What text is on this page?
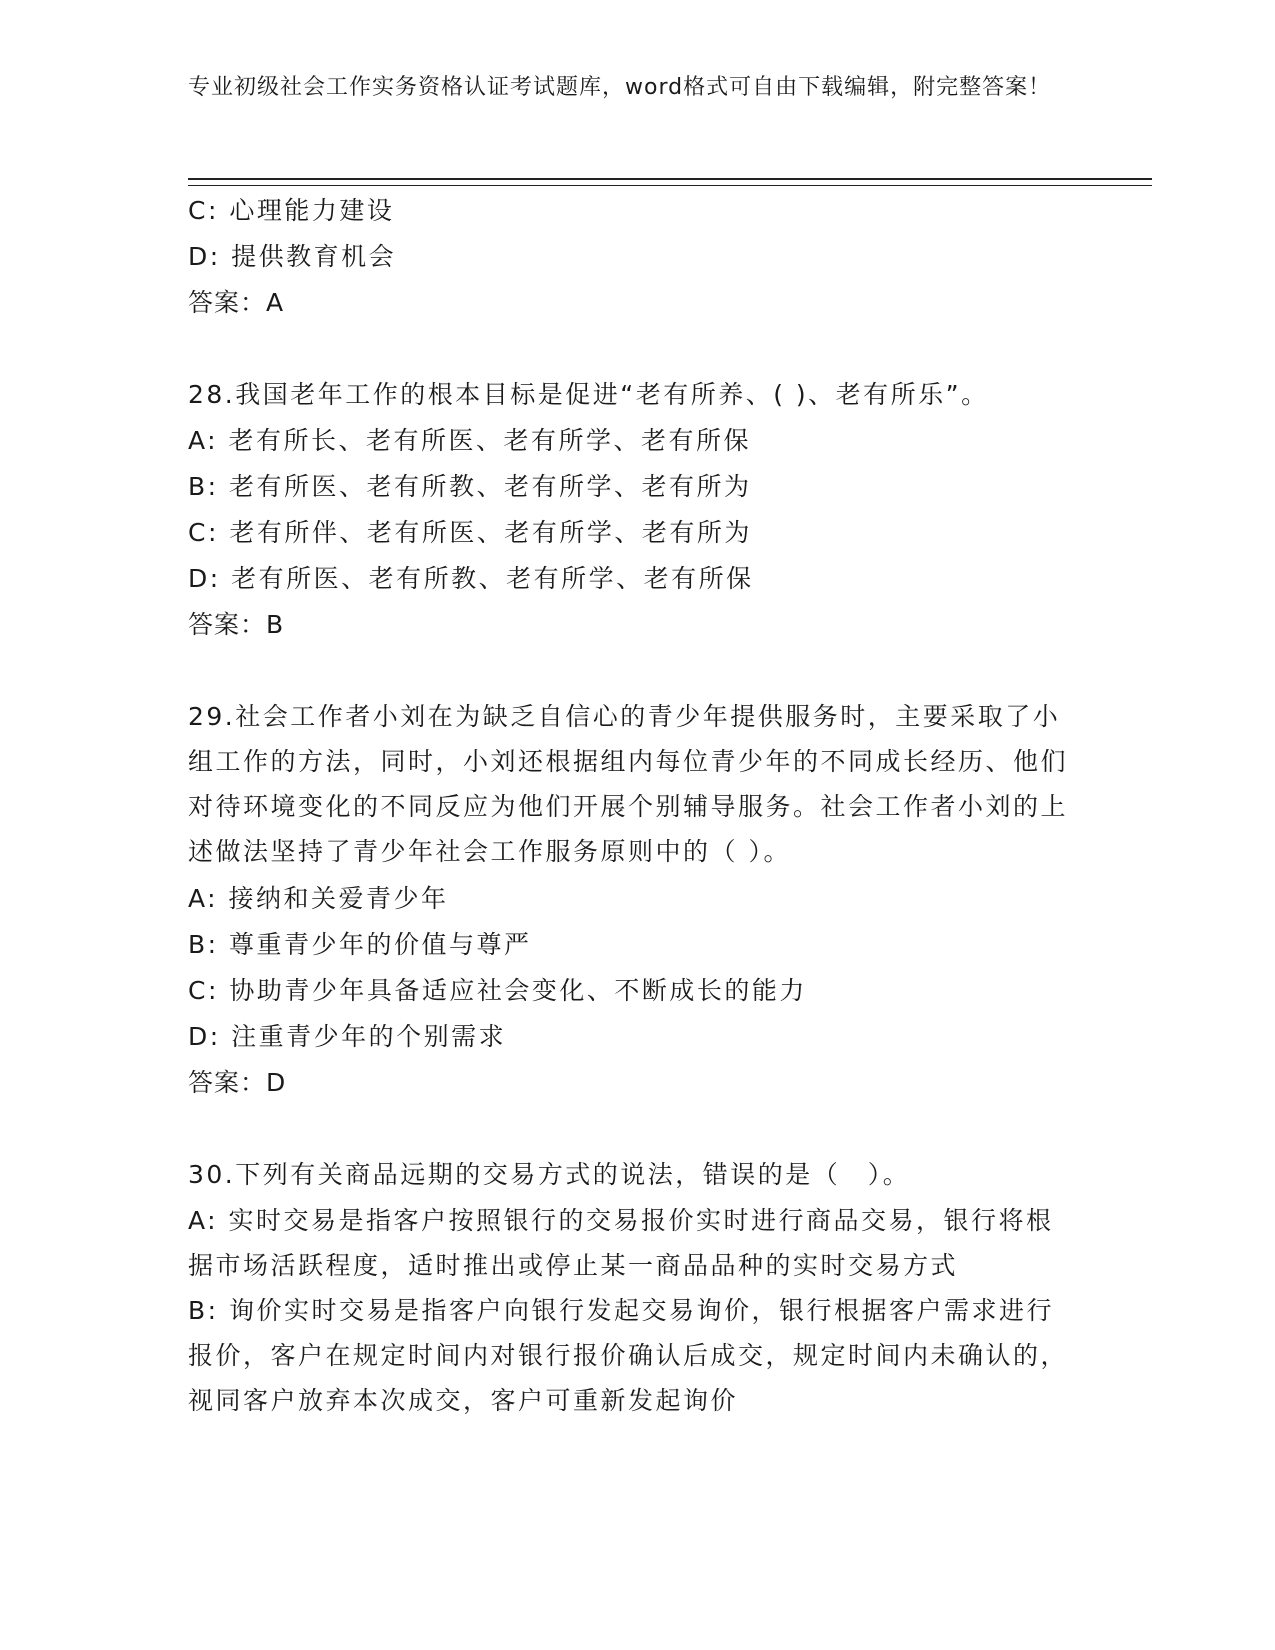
专业初级社会工作实务资格认证考试题库，word格式可自由下载编辑，附完整答案！
C: 心理能力建设
D: 提供教育机会
答案：A
28.我国老年工作的根本目标是促进“老有所养、( )、老有所乐”。
A: 老有所长、老有所医、老有所学、老有所保
B: 老有所医、老有所教、老有所学、老有所为
C: 老有所伴、老有所医、老有所学、老有所为
D: 老有所医、老有所教、老有所学、老有所保
答案：B
29.社会工作者小刘在为缺乏自信心的青少年提供服务时，主要采取了小组工作的方法，同时，小刘还根据组内每位青少年的不同成长经历、他们对待环境变化的不同反应为他们开展个别辅导服务。社会工作者小刘的上述做法坚持了青少年社会工作服务原则中的（ ）。
A: 接纳和关爱青少年
B: 尊重青少年的价值与尊严
C: 协助青少年具备适应社会变化、不断成长的能力
D: 注重青少年的个别需求
答案：D
30.下列有关商品远期的交易方式的说法，错误的是（　）。
A: 实时交易是指客户按照银行的交易报价实时进行商品交易，银行将根据市场活跃程度，适时推出或停止某一商品品种的实时交易方式
B: 询价实时交易是指客户向银行发起交易询价，银行根据客户需求进行报价，客户在规定时间内对银行报价确认后成交，规定时间内未确认的，视同客户放弃本次成交，客户可重新发起询价
